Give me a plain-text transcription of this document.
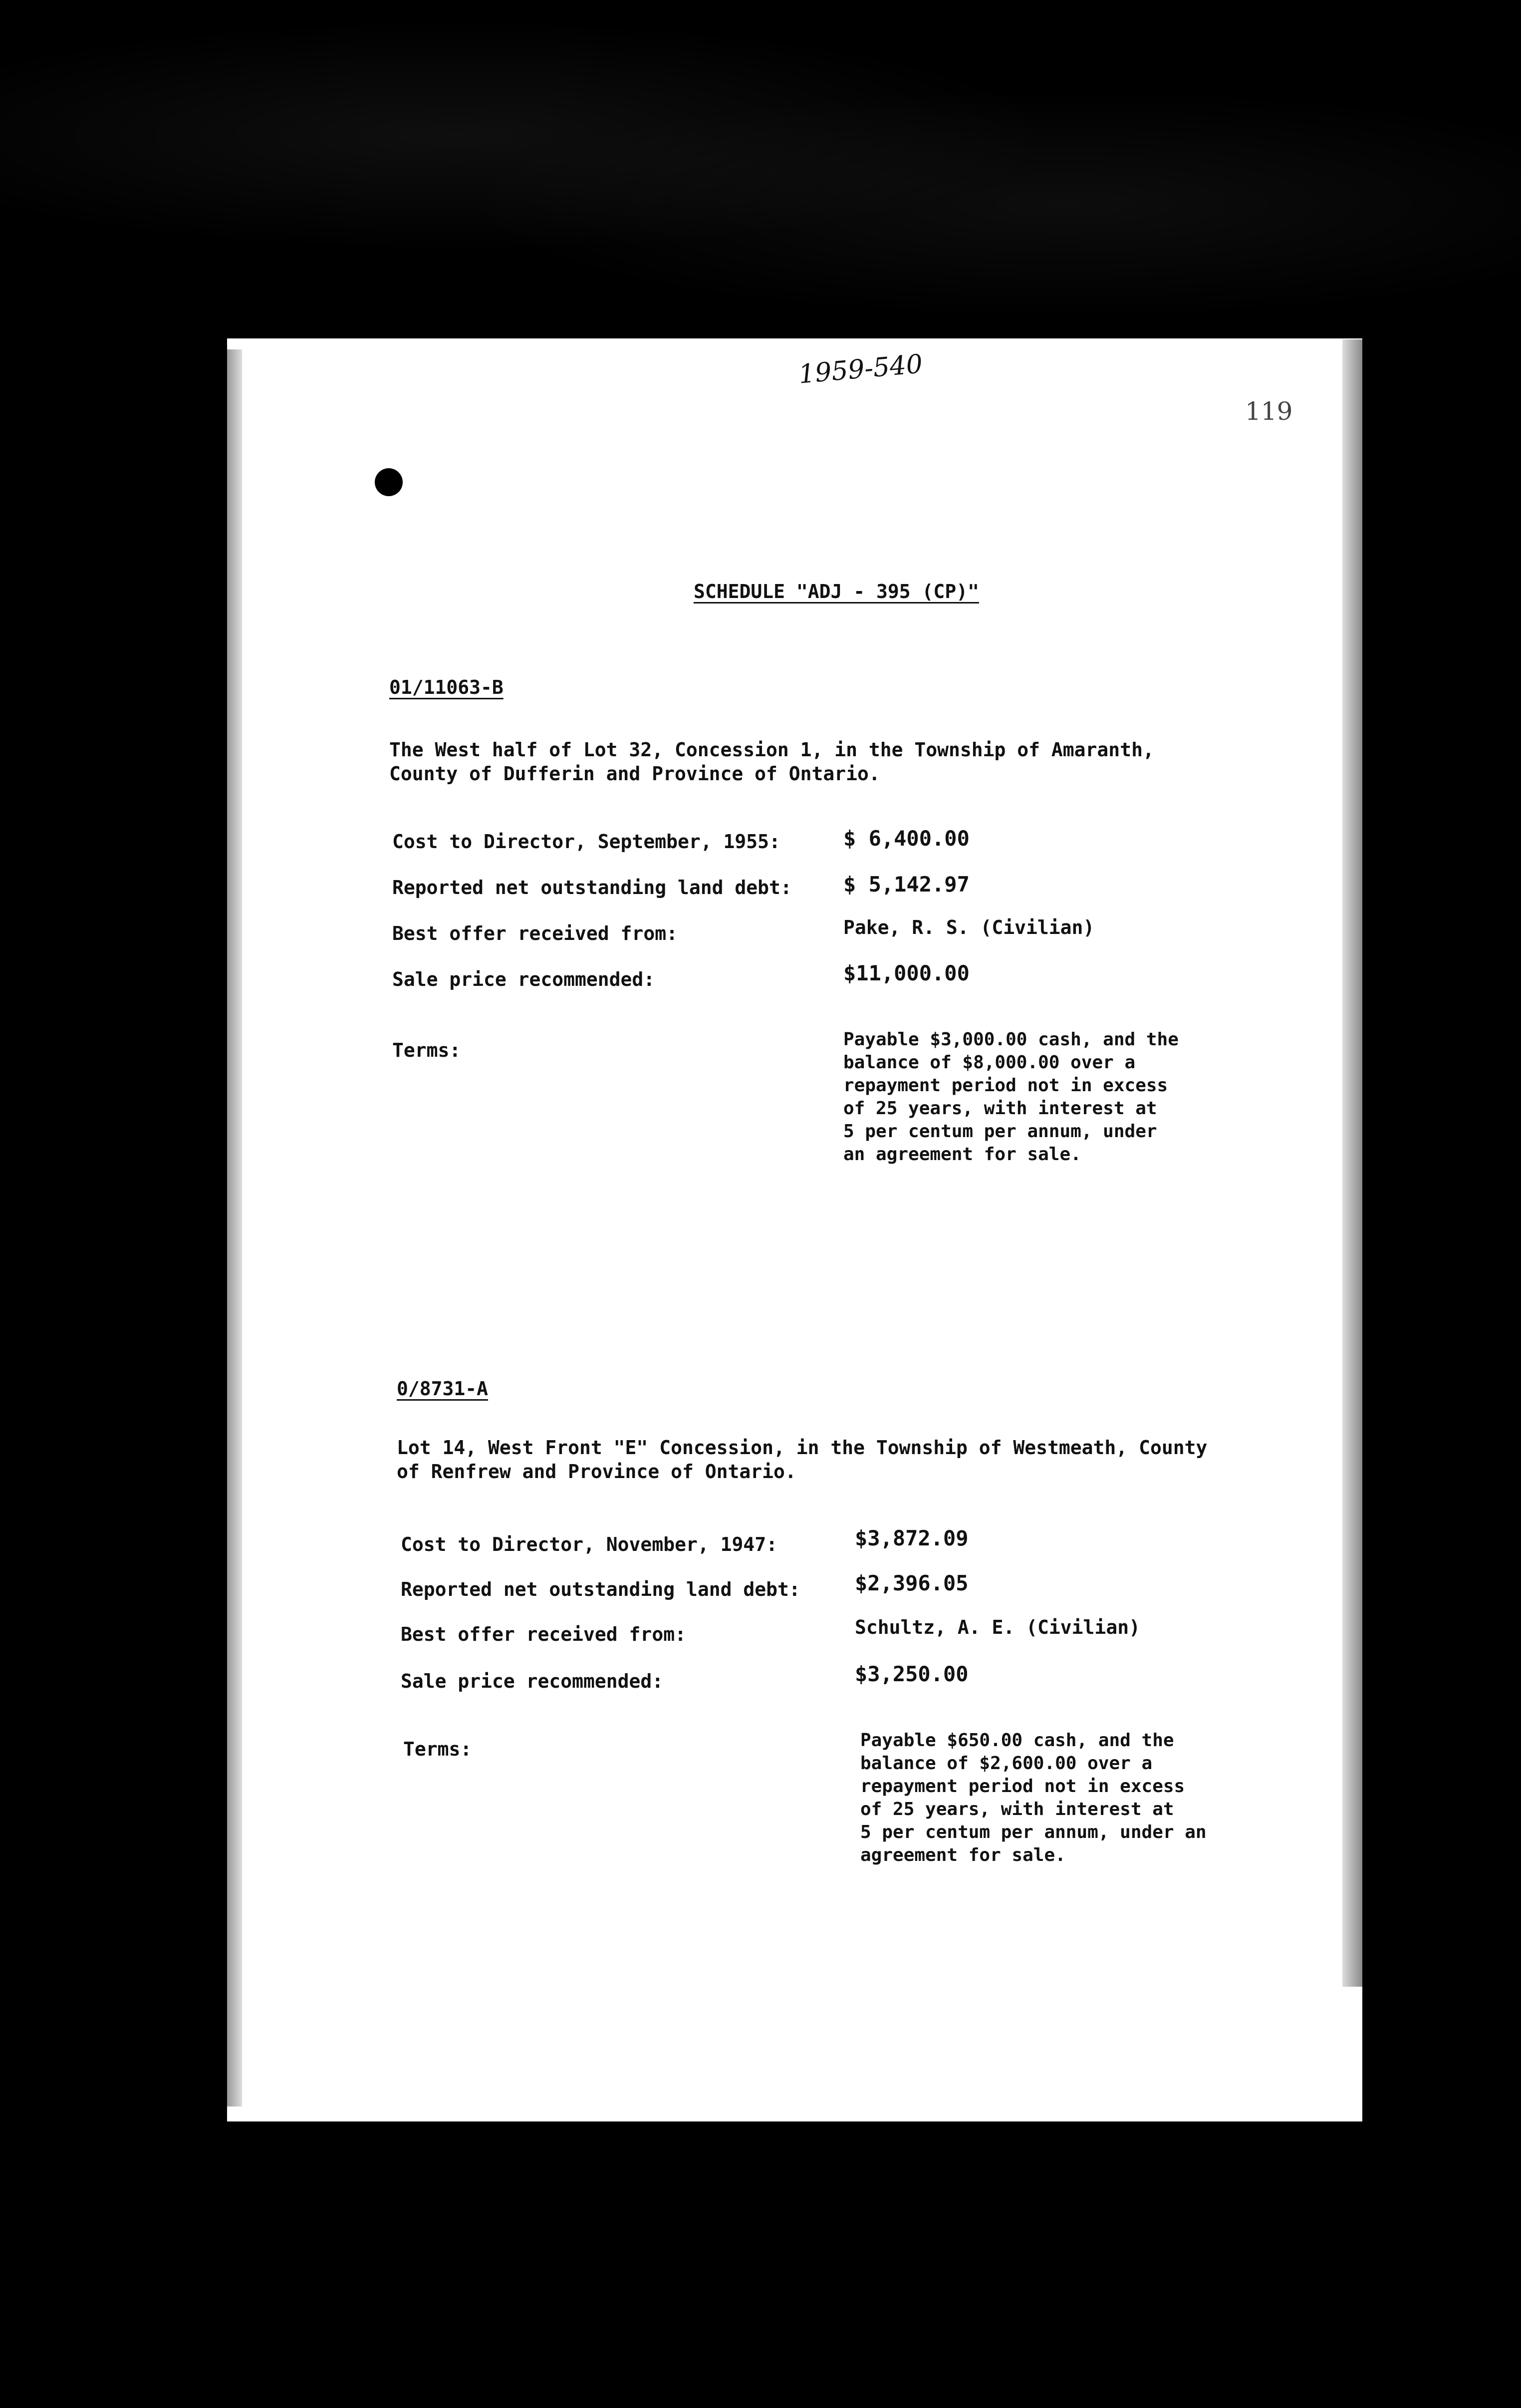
1959-540
119
SCHEDULE "ADJ - 395 (CP)"
01/11063-B
The West half of Lot 32, Concession 1, in the Township of Amaranth,
County of Dufferin and Province of Ontario.
Cost to Director, September, 1955:	$ 6,400.00
Reported net outstanding land debt: $ 5,142.97
Best offer received from:	Pake, R. S. (Civilian)
Sale price recommended:	$11,000.00
Terms:	Payable $3,000.00 cash, and the
balance of $8,000.00 over a
repayment period not in excess
of 25 years, with interest at
5 per centum per annum, under
an agreement for sale.
0/8731-A
Lot 14, West Front "E" Concession, in the Township of Westmeath, County
of Renfrew and Province of Ontario.
Cost to Director, November, 1947:	$3,872.09
Reported net outstanding land debt:	$2,396.05
Best offer received from:	Schultz, A. E. (Civilian)
Sale price recommended:	$3,250.00
Terms:	Payable $650.00 cash, and the
balance of $2,600.00 over a
repayment period not in excess
of 25 years, with interest at
5 per centum per annum, under an
agreement for sale.
